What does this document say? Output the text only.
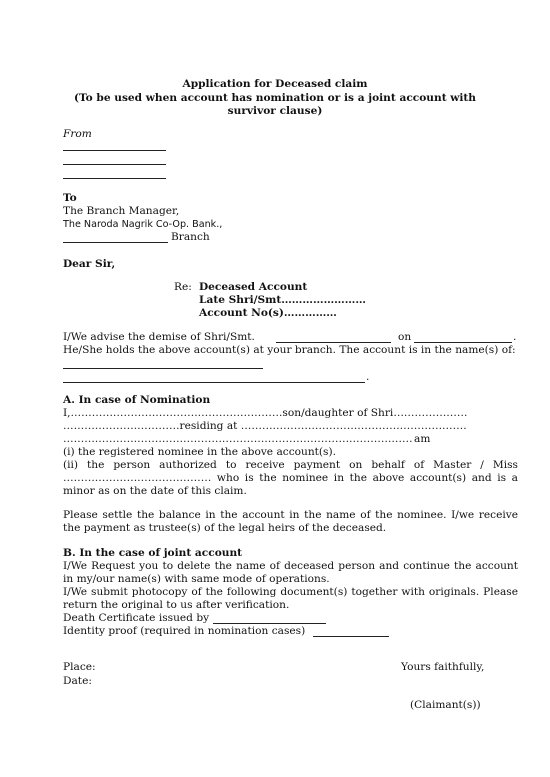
Application for Deceased claim
(To be used when account has nomination or is a joint account with survivor clause)
From
To
The Branch Manager,
The Naroda Nagrik Co-Op. Bank.,
Branch
Dear Sir,
Re: Deceased Account
Late Shri/Smt……………………
Account No(s)……………
I/We advise the demise of Shri/Smt.	on	.
He/She holds the above account(s) at your branch. The account is in the name(s) of:
.
A. In case of Nomination
I,……………………………………………………son/daughter of Shri…………………
……………………………residing at ……………………………………………………….
……………………………………………………………………………………… am
(i) the registered nominee in the above account(s).
(ii) the person authorized to receive payment on behalf of Master / Miss
…………………………………… who is the nominee in the above account(s) and is a
minor as on the date of this claim.
Please settle the balance in the account in the name of the nominee. I/we receive the payment as trustee(s) of the legal heirs of the deceased.
B. In the case of joint account
I/We Request you to delete the name of deceased person and continue the account in my/our name(s) with same mode of operations.
I/We submit photocopy of the following document(s) together with originals. Please return the original to us after verification.
Death Certificate issued by
Identity proof (required in nomination cases)
Place:
Date:
Yours faithfully,
(Claimant(s))
